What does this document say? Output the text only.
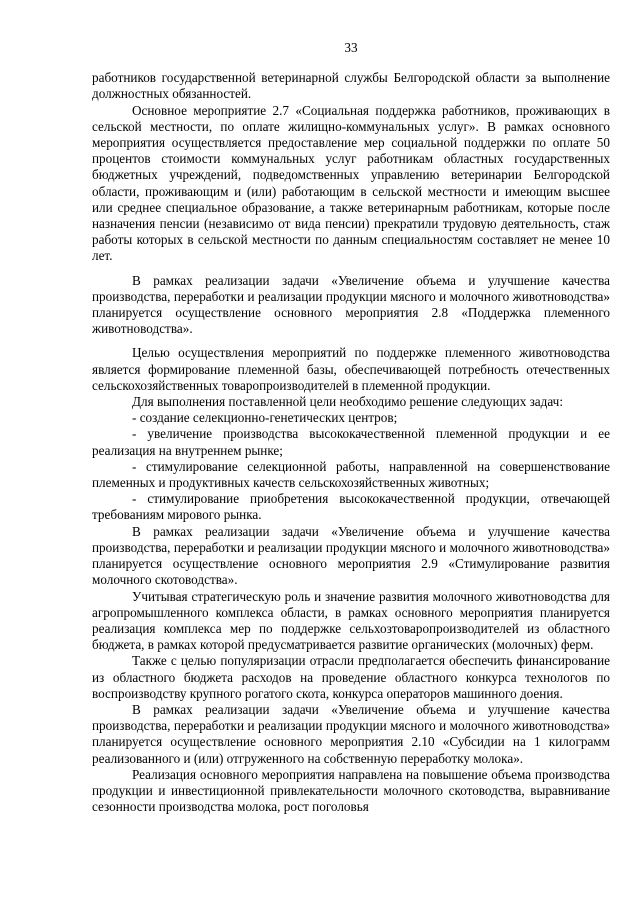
33

работников государственной ветеринарной службы Белгородской области за выполнение должностных обязанностей.

Основное мероприятие 2.7 «Социальная поддержка работников, проживающих в сельской местности, по оплате жилищно-коммунальных услуг». В рамках основного мероприятия осуществляется предоставление мер социальной поддержки по оплате 50 процентов стоимости коммунальных услуг работникам областных государственных бюджетных учреждений, подведомственных управлению ветеринарии Белгородской области, проживающим и (или) работающим в сельской местности и имеющим высшее или среднее специальное образование, а также ветеринарным работникам, которые после назначения пенсии (независимо от вида пенсии) прекратили трудовую деятельность, стаж работы которых в сельской местности по данным специальностям составляет не менее 10 лет.

В рамках реализации задачи «Увеличение объема и улучшение качества производства, переработки и реализации продукции мясного и молочного животноводства» планируется осуществление основного мероприятия 2.8 «Поддержка племенного животноводства».

Целью осуществления мероприятий по поддержке племенного животноводства является формирование племенной базы, обеспечивающей потребность отечественных сельскохозяйственных товаропроизводителей в племенной продукции.

Для выполнения поставленной цели необходимо решение следующих задач:

- создание селекционно-генетических центров;

- увеличение производства высококачественной племенной продукции и ее реализация на внутреннем рынке;

- стимулирование селекционной работы, направленной на совершенствование племенных и продуктивных качеств сельскохозяйственных животных;

- стимулирование приобретения высококачественной продукции, отвечающей требованиям мирового рынка.

В рамках реализации задачи «Увеличение объема и улучшение качества производства, переработки и реализации продукции мясного и молочного животноводства» планируется осуществление основного мероприятия 2.9 «Стимулирование развития молочного скотоводства».

Учитывая стратегическую роль и значение развития молочного животноводства для агропромышленного комплекса области, в рамках основного мероприятия планируется реализация комплекса мер по поддержке сельхозтоваропроизводителей из областного бюджета, в рамках которой предусматривается развитие органических (молочных) ферм.

Также с целью популяризации отрасли предполагается обеспечить финансирование из областного бюджета расходов на проведение областного конкурса технологов по воспроизводству крупного рогатого скота, конкурса операторов машинного доения.

В рамках реализации задачи «Увеличение объема и улучшение качества производства, переработки и реализации продукции мясного и молочного животноводства» планируется осуществление основного мероприятия 2.10 «Субсидии на 1 килограмм реализованного и (или) отгруженного на собственную переработку молока».

Реализация основного мероприятия направлена на повышение объема производства продукции и инвестиционной привлекательности молочного скотоводства, выравнивание сезонности производства молока, рост поголовья
